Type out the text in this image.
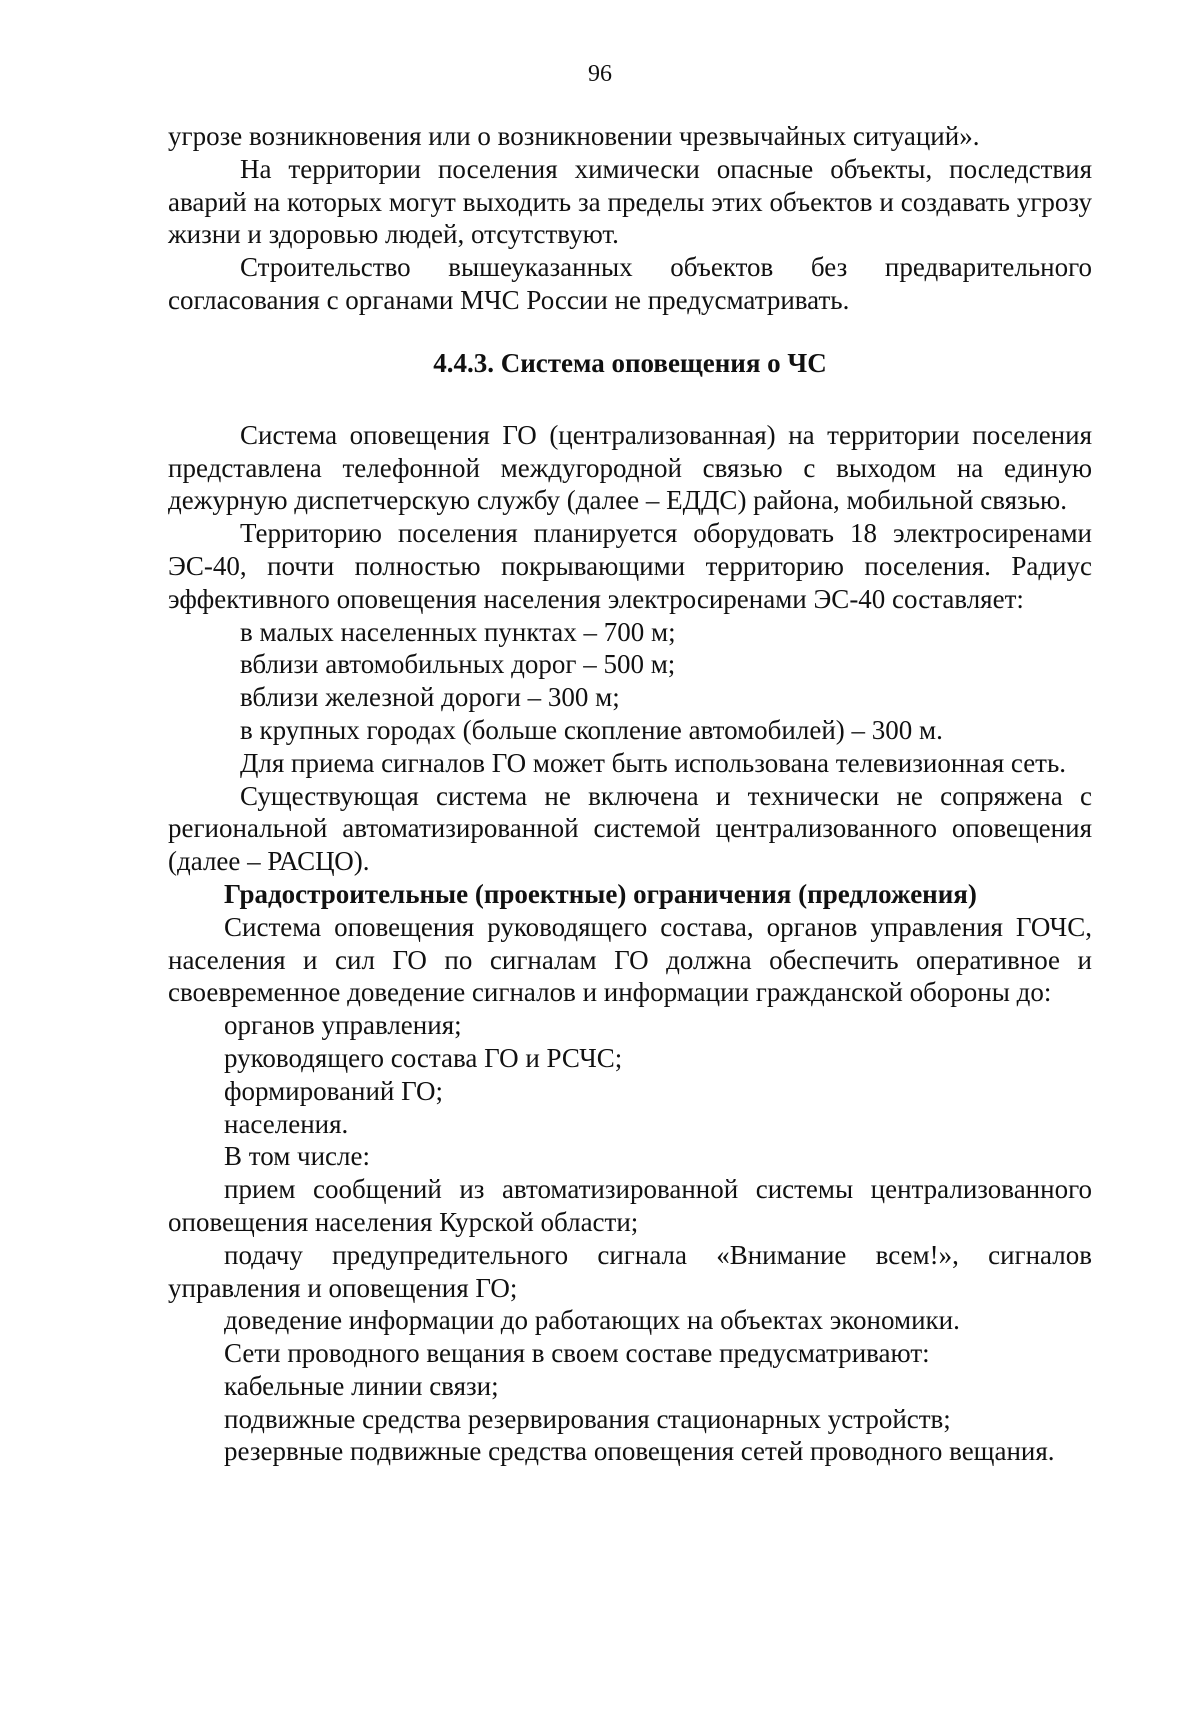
96

угрозе возникновения или о возникновении чрезвычайных ситуаций».

На территории поселения химически опасные объекты, последствия аварий на которых могут выходить за пределы этих объектов и создавать угрозу жизни и здоровью людей, отсутствуют.

Строительство вышеуказанных объектов без предварительного согласования с органами МЧС России не предусматривать.

4.4.3. Система оповещения о ЧС

Система оповещения ГО (централизованная) на территории поселения представлена телефонной междугородной связью с выходом на единую дежурную диспетчерскую службу (далее – ЕДДС) района, мобильной связью.

Территорию поселения планируется оборудовать 18 электросиренами ЭС-40, почти полностью покрывающими территорию поселения. Радиус эффективного оповещения населения электросиренами ЭС-40 составляет:

в малых населенных пунктах – 700 м;

вблизи автомобильных дорог – 500 м;

вблизи железной дороги – 300 м;

в крупных городах (больше скопление автомобилей) – 300 м.

Для приема сигналов ГО может быть использована телевизионная сеть.

Существующая система не включена и технически не сопряжена с региональной автоматизированной системой централизованного оповещения (далее – РАСЦО).

Градостроительные (проектные) ограничения (предложения)

Система оповещения руководящего состава, органов управления ГОЧС, населения и сил ГО по сигналам ГО должна обеспечить оперативное и своевременное доведение сигналов и информации гражданской обороны до:

органов управления;

руководящего состава ГО и РСЧС;

формирований ГО;

населения.

В том числе:

прием сообщений из автоматизированной системы централизованного оповещения населения Курской области;

подачу предупредительного сигнала «Внимание всем!», сигналов управления и оповещения ГО;

доведение информации до работающих на объектах экономики.

Сети проводного вещания в своем составе предусматривают:

кабельные линии связи;

подвижные средства резервирования стационарных устройств;

резервные подвижные средства оповещения сетей проводного вещания.
